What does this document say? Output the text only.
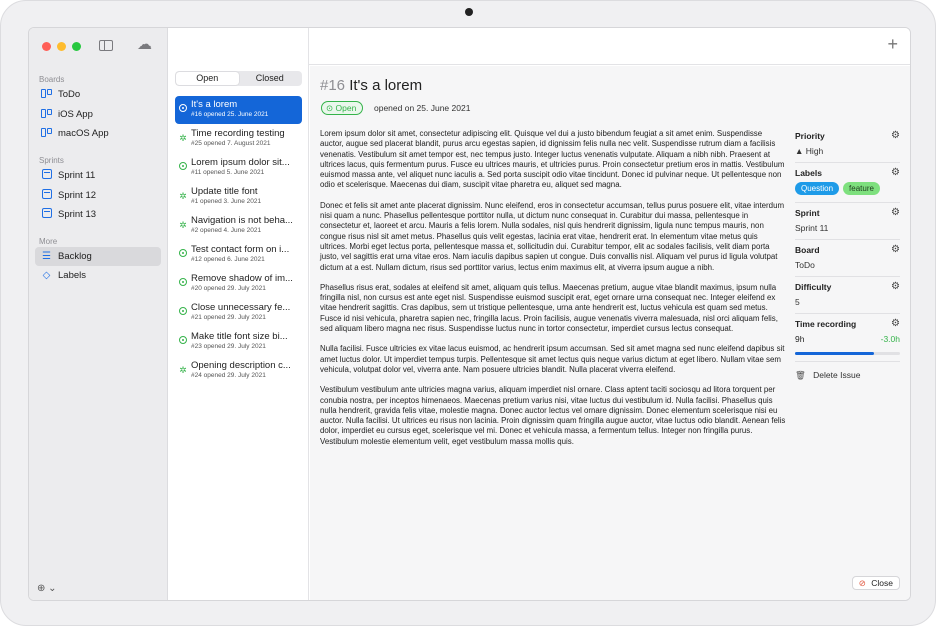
☁
Boards
ToDo
iOS App
macOS App
Sprints
Sprint 11
Sprint 12
Sprint 13
More
☰ Backlog
◇ Labels
⊕ ⌄
+
Open	Closed
It's a lorem
#16 opened 25. June 2021
✲ Time recording testing
#25 opened 7. August 2021
Lorem ipsum dolor sit...
#11 opened 5. June 2021
✲ Update title font
#1 opened 3. June 2021
✲ Navigation is not beha...
#2 opened 4. June 2021
Test contact form on i...
#12 opened 6. June 2021
Remove shadow of im...
#20 opened 29. July 2021
Close unnecessary fe...
#21 opened 29. July 2021
Make title font size bi...
#23 opened 29. July 2021
✲ Opening description c...
#24 opened 29. July 2021
#16 It's a lorem
⊙ Open	opened on 25. June 2021

Lorem ipsum dolor sit amet, consectetur adipiscing elit. Quisque vel dui a justo bibendum feugiat a sit amet enim. Suspendisse auctor, augue sed placerat blandit, purus arcu egestas sapien, id dignissim felis nulla nec velit. Suspendisse rutrum diam a facilisis venenatis. Vestibulum sit amet tempor est, nec tempus justo. Integer luctus venenatis vulputate. Aliquam a nibh nibh. Praesent at ultrices lacus, quis fermentum purus. Fusce eu ultrices mauris, et ultricies purus. Proin consectetur pretium eros in mattis. Vestibulum euismod massa ante, vel aliquet nunc iaculis a. Sed porta suscipit odio vitae tincidunt. Donec id pulvinar neque. Ut pellentesque non odio et scelerisque. Maecenas dui diam, suscipit vitae pharetra eu, aliquet sed magna.

Donec et felis sit amet ante placerat dignissim. Nunc eleifend, eros in consectetur accumsan, tellus purus posuere elit, vitae interdum nisi quam a nunc. Phasellus pellentesque porttitor nulla, ut dictum nunc consequat in. Curabitur dui massa, pellentesque in consectetur et, laoreet et arcu. Mauris a felis lorem. Nulla sodales, nisl quis hendrerit dignissim, ligula nunc tempus mauris, non congue risus nisl sit amet metus. Phasellus quis velit egestas, lacinia erat vitae, hendrerit erat. In elementum vitae metus quis ultrices. Morbi eget lectus porta, pellentesque massa et, sollicitudin dui. Curabitur tempor, elit ac sodales facilisis, velit diam porta justo, vel sagittis erat urna vitae eros. Nam iaculis dapibus sapien ut congue. Duis convallis nisl. Aliquam vel purus id ligula volutpat dictum at a est. Nullam dictum, risus sed porttitor varius, lectus enim maximus elit, at viverra ipsum augue a nibh.

Phasellus risus erat, sodales at eleifend sit amet, aliquam quis tellus. Maecenas pretium, augue vitae blandit maximus, ipsum nulla fringilla nisl, non cursus est ante eget nisl. Suspendisse euismod suscipit erat, eget ornare urna consequat nec. Integer eleifend ex vitae hendrerit sagittis. Cras dapibus, sem ut tristique pellentesque, urna ante hendrerit est, luctus vehicula est quam sed metus. Fusce id nisi vehicula, pharetra sapien nec, fringilla lacus. Proin facilisis, augue venenatis viverra malesuada, nisl orci aliquam felis, sed aliquam libero magna nec risus. Suspendisse luctus nunc in tortor consectetur, imperdiet cursus lectus consequat.

Nulla facilisi. Fusce ultricies ex vitae lacus euismod, ac hendrerit ipsum accumsan. Sed sit amet magna sed nunc eleifend dapibus sit amet luctus dolor. Ut imperdiet tempus turpis. Pellentesque sit amet lectus quis neque varius dictum at eget libero. Nullam vitae sem vehicula, volutpat dolor vel, viverra ante. Nam posuere ultricies blandit. Nulla placerat viverra eleifend.

Vestibulum vestibulum ante ultricies magna varius, aliquam imperdiet nisl ornare. Class aptent taciti sociosqu ad litora torquent per conubia nostra, per inceptos himenaeos. Maecenas pretium varius nisi, vitae luctus dui vestibulum id. Nulla facilisi. Phasellus quis nulla hendrerit, gravida felis vitae, molestie magna. Donec auctor lectus vel ornare dignissim. Donec elementum scelerisque nisi eu auctor. Nulla facilisi. Ut ultrices eu risus non lacinia. Proin dignissim quam fringilla augue auctor, vitae luctus odio blandit. Aenean felis dolor, imperdiet eu cursus eget, scelerisque vel mi. Donec et vehicula massa, a fermentum tellus. Integer non fringilla purus. Vestibulum molestie elementum velit, eget vestibulum massa mollis quis.

Priority	⚙
▲ High
Labels	⚙
Question feature
Sprint	⚙
Sprint 11
Board	⚙
ToDo
Difficulty	⚙
5
Time recording	⚙
9h	-3.0h
🗑 Delete Issue
⊘ Close
